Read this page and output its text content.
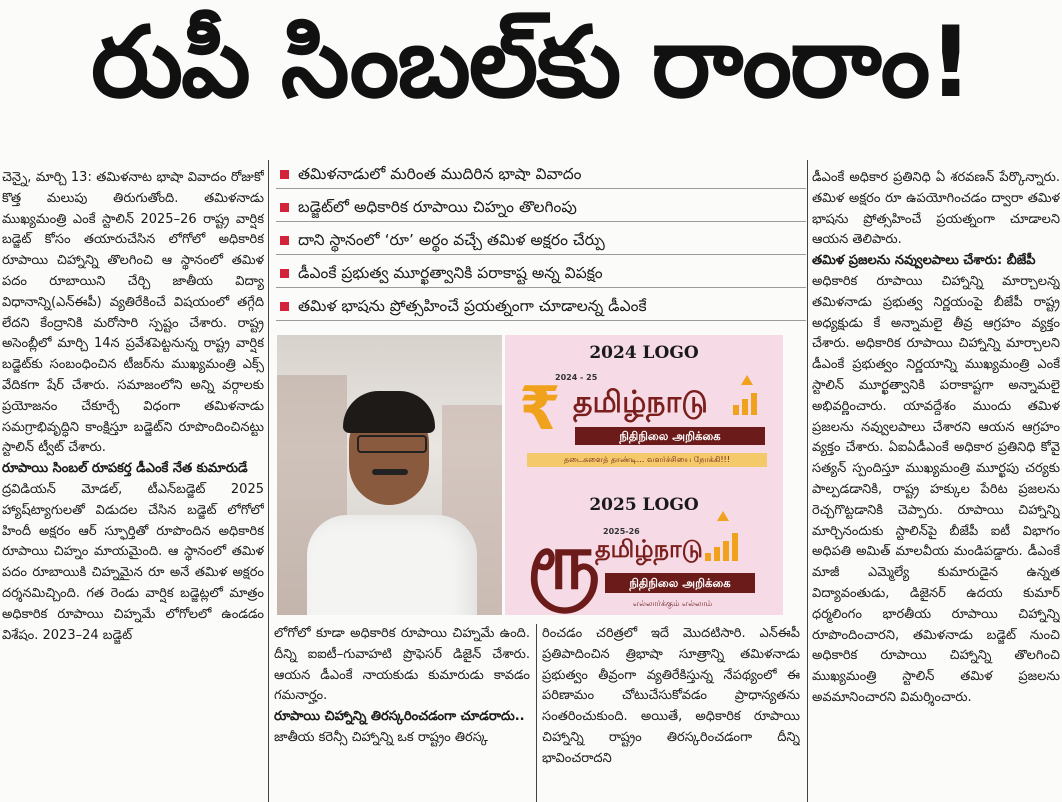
రుపీ సింబల్‌కు రాంరాం!

చెన్నై, మార్చి 13: తమిళనాట భాషా వివాదం రోజుకో కొత్త మలుపు తిరుగుతోంది. తమిళనాడు ముఖ్యమంత్రి ఎంకే స్టాలిన్‌ 2025–26 రాష్ట్ర వార్షిక బడ్జెట్‌ కోసం తయారుచేసిన లోగోలో అధికారిక రూపాయి చిహ్నాన్ని తొలగించి ఆ స్థానంలో తమిళ పదం రూబాయిని చేర్చి జాతీయ విద్యా విధానాన్ని(ఎన్‌ఈపీ) వ్యతిరేకించే విషయంలో తగ్గేది లేదని కేంద్రానికి మరోసారి స్పష్టం చేశారు. రాష్ట్ర అసెంబ్లీలో మార్చి 14న ప్రవేశపెట్టనున్న రాష్ట్ర వార్షిక బడ్జెట్‌కు సంబంధించిన టీజర్‌ను ముఖ్యమంత్రి ఎక్స్‌ వేదికగా షేర్‌ చేశారు. సమాజంలోని అన్ని వర్గాలకు ప్రయోజనం చేకూర్చే విధంగా తమిళనాడు సమగ్రాభివృద్ధిని కాంక్షిస్తూ బడ్జెట్‌ని రూపొందించినట్టు స్టాలిన్‌ ట్వీట్‌ చేశారు.

రూపాయి సింబల్‌ రూపకర్త డీఎంకే నేత కుమారుడే

ద్రవిడియన్‌ మోడల్‌, టీఎన్‌బడ్జెట్‌ 2025 హ్యాష్‌ట్యాగులతో విడుదల చేసిన బడ్జెట్‌ లోగోలో హిందీ అక్షరం ఆర్‌ స్ఫూర్తితో రూపొందిన అధికారిక రూపాయి చిహ్నం మాయమైంది. ఆ స్థానంలో తమిళ పదం రూబాయికి చిహ్నమైన రూ అనే తమిళ అక్షరం దర్శనమిచ్చింది. గత రెండు వార్షిక బడ్జెట్లలో మాత్రం అధికారిక రూపాయి చిహ్నమే లోగోలలో ఉండడం విశేషం. 2023–24 బడ్జెట్‌

తమిళనాడులో మరింత ముదిరిన భాషా వివాదం
బడ్జెట్‌లో అధికారిక రూపాయి చిహ్నం తొలగింపు
దాని స్థానంలో ‘రూ’ అర్థం వచ్చే తమిళ అక్షరం చేర్పు
డీఎంకే ప్రభుత్వ మూర్ఖత్వానికి పరాకాష్ట అన్న విపక్షం
తమిళ భాషను ప్రోత్సహించే ప్రయత్నంగా చూడాలన్న డీఎంకే
2024 LOGO
2024 - 25
₹ தமிழ்நாடு
நிதிநிலை அறிக்கை
தடைகளைத் தாண்டி... வளர்ச்சியை நோக்கி!!!
2025 LOGO
2025-26
ரூ
தமிழ்நாடு
நிதிநிலை அறிக்கை
எல்லார்க்கும் எல்லாம்

లోగోలో కూడా అధికారిక రూపాయి చిహ్నమే ఉంది. దీన్ని ఐఐటీ–గువాహటి ప్రొఫెసర్‌ డిజైన్‌ చేశారు. ఆయన డీఎంకే నాయకుడు కుమారుడు కావడం గమనార్హం.

రూపాయి చిహ్నాన్ని తిరస్కరించడంగా చూడరాదు..

జాతీయ కరెన్సీ చిహ్నాన్ని ఒక రాష్ట్రం తిరస్క

రించడం చరిత్రలో ఇదే మొదటిసారి. ఎన్‌ఈపీ ప్రతిపాదించిన త్రిభాషా సూత్రాన్ని తమిళనాడు ప్రభుత్వం తీవ్రంగా వ్యతిరేకిస్తున్న నేపథ్యంలో ఈ పరిణామం చోటుచేసుకోవడం ప్రాధాన్యతను సంతరించుకుంది. అయితే, అధికారిక రూపాయి చిహ్నాన్ని రాష్ట్రం తిరస్కరించడంగా దీన్ని భావించరాదని

డీఎంకే అధికార ప్రతినిధి ఏ శరవణన్‌ పేర్కొన్నారు. తమిళ అక్షరం రూ ఉపయోగించడం ద్వారా తమిళ భాషను ప్రోత్సహించే ప్రయత్నంగా చూడాలని ఆయన తెలిపారు.

తమిళ ప్రజలను నవ్వులపాలు చేశారు: బీజేపీ

అధికారిక రూపాయి చిహ్నాన్ని మార్చాలన్న తమిళనాడు ప్రభుత్వ నిర్ణయంపై బీజేపీ రాష్ట్ర అధ్యక్షుడు కే అన్నామలై తీవ్ర ఆగ్రహం వ్యక్తం చేశారు. అధికారిక రూపాయి చిహ్నాన్ని మార్చాలని డీఎంకే ప్రభుత్వం నిర్ణయాన్ని ముఖ్యమంత్రి ఎంకే స్టాలిన్‌ మూర్ఖత్వానికి పరాకాష్టగా అన్నామలై అభివర్ణించారు. యావద్దేశం ముందు తమిళ ప్రజలను నవ్వులపాలు చేశారని ఆయన ఆగ్రహం వ్యక్తం చేశారు. ఏఐఏడీఎంకే అధికార ప్రతినిధి కోవై సత్యన్‌ స్పందిస్తూ ముఖ్యమంత్రి మూర్ఖపు చర్యకు పాల్పడడానికి, రాష్ట్ర హక్కుల పేరిట ప్రజలను రెచ్చగొట్టడానికి చెప్పారు. రూపాయి చిహ్నాన్ని మార్చినందుకు స్టాలిన్‌పై బీజేపీ ఐటీ విభాగం అధిపతి అమిత్‌ మాలవీయ మండిపడ్డారు. డీఎంకే మాజీ ఎమ్మెల్యే కుమారుడైన ఉన్నత విద్యావంతుడు, డిజైనర్‌ ఉదయ కుమార్‌ ధర్మలింగం భారతీయ రూపాయి చిహ్నాన్ని రూపొందించారని, తమిళనాడు బడ్జెట్‌ నుంచి అధికారిక రూపాయి చిహ్నాన్ని తొలగించి ముఖ్యమంత్రి స్టాలిన్‌ తమిళ ప్రజలను అవమానించారని విమర్శించారు.
